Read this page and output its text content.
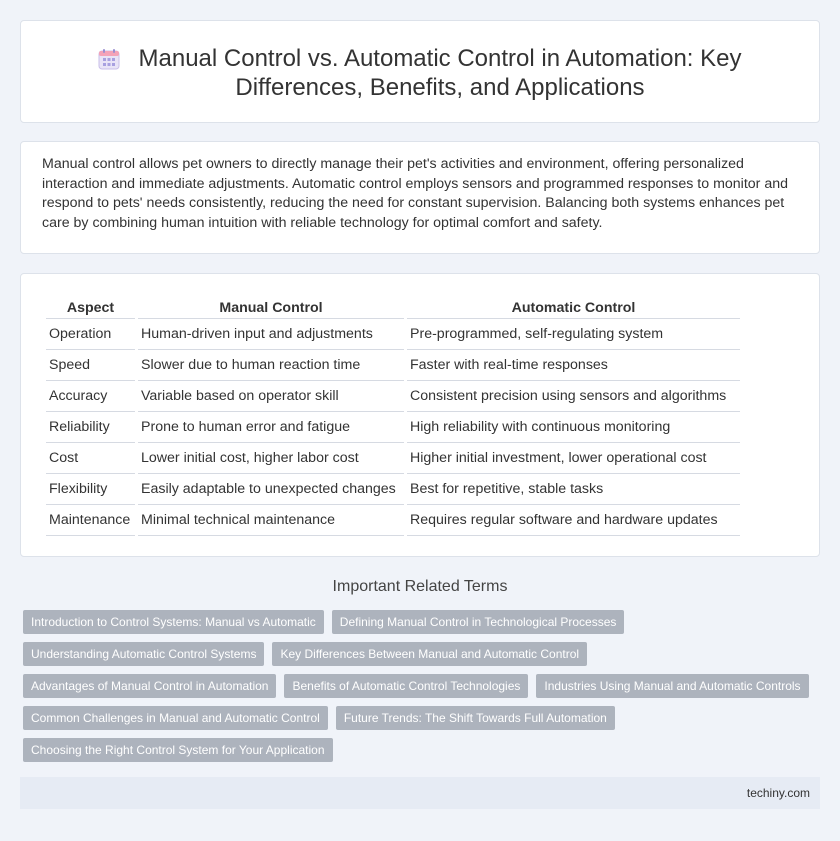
Manual Control vs. Automatic Control in Automation: Key Differences, Benefits, and Applications

Manual control allows pet owners to directly manage their pet's activities and environment, offering personalized interaction and immediate adjustments. Automatic control employs sensors and programmed responses to monitor and respond to pets' needs consistently, reducing the need for constant supervision. Balancing both systems enhances pet care by combining human intuition with reliable technology for optimal comfort and safety.

Aspect	Manual Control	Automatic Control
Operation	Human-driven input and adjustments	Pre-programmed, self-regulating system
Speed	Slower due to human reaction time	Faster with real-time responses
Accuracy	Variable based on operator skill	Consistent precision using sensors and algorithms
Reliability	Prone to human error and fatigue	High reliability with continuous monitoring
Cost	Lower initial cost, higher labor cost	Higher initial investment, lower operational cost
Flexibility	Easily adaptable to unexpected changes	Best for repetitive, stable tasks
Maintenance	Minimal technical maintenance	Requires regular software and hardware updates
Important Related Terms
Introduction to Control Systems: Manual vs Automatic	Defining Manual Control in Technological Processes
Understanding Automatic Control Systems	Key Differences Between Manual and Automatic Control
Advantages of Manual Control in Automation	Benefits of Automatic Control Technologies	Industries Using Manual and Automatic Controls
Common Challenges in Manual and Automatic Control	Future Trends: The Shift Towards Full Automation
Choosing the Right Control System for Your Application
techiny.com
